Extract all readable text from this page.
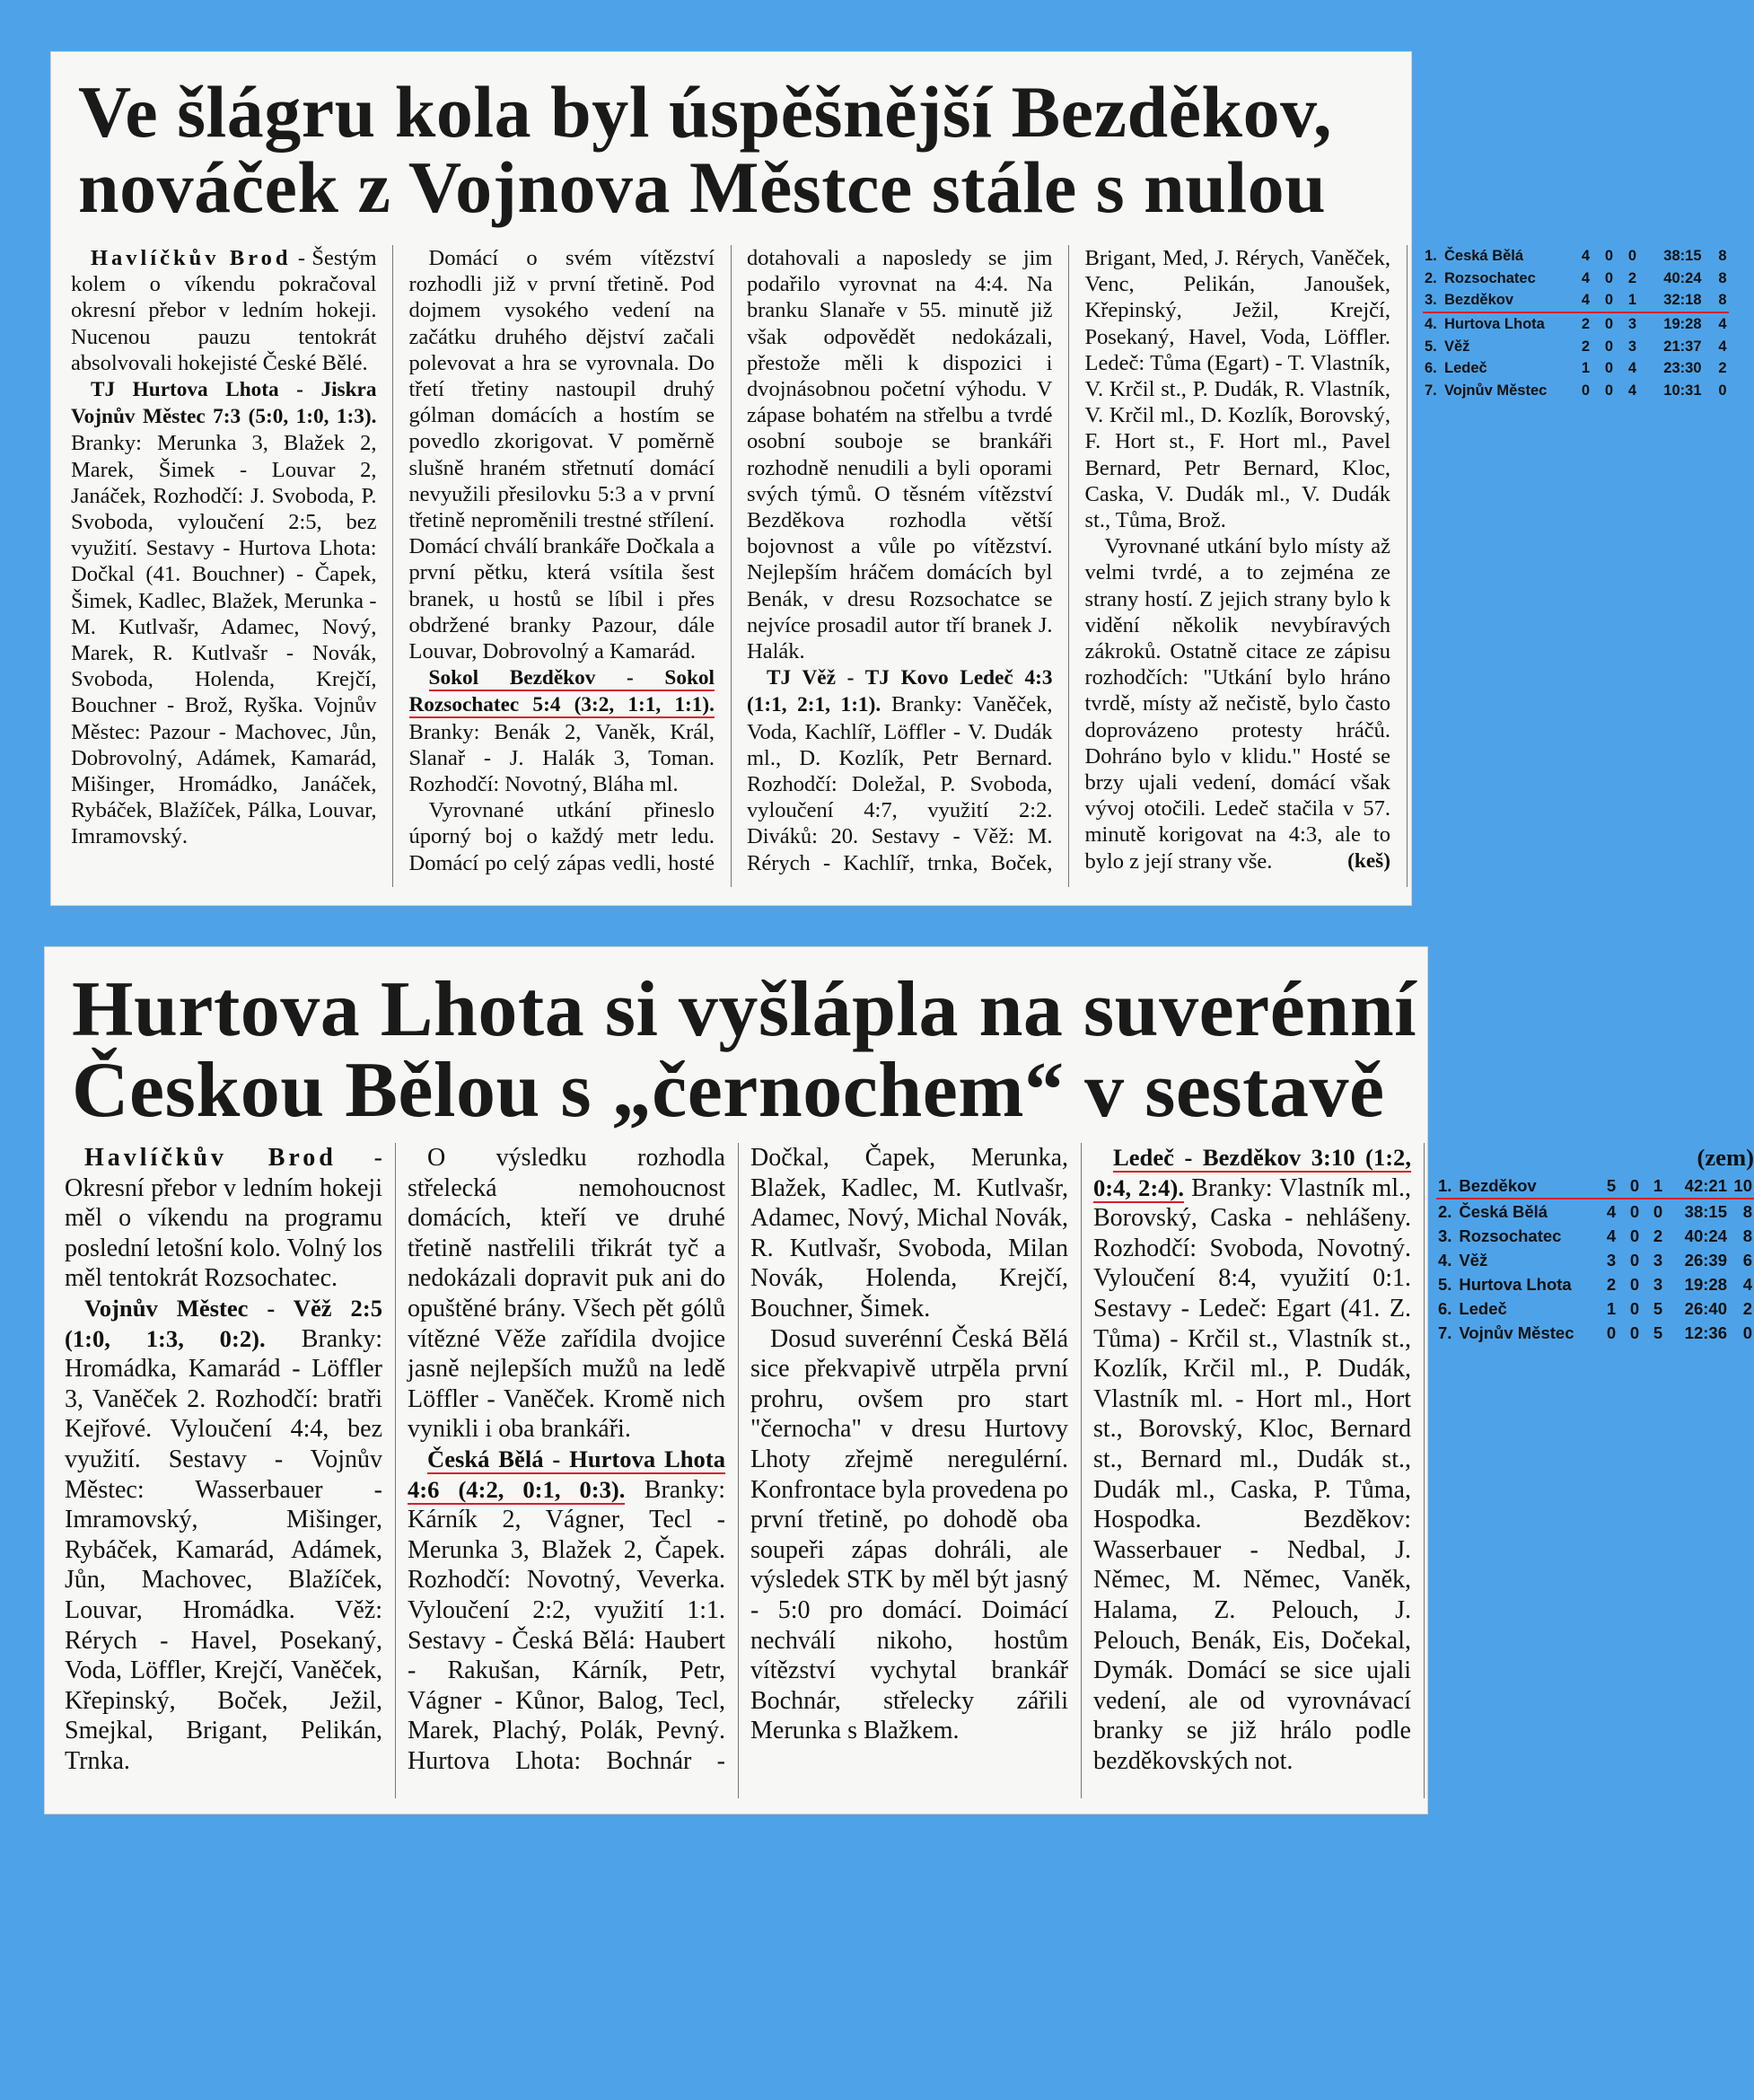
Ve šlágru kola byl úspěšnější Bezděkov,
nováček z Vojnova Městce stále s nulou

Havlíčkův Brod - Šestým kolem o víkendu pokračoval okresní přebor v ledním hokeji. Nucenou pauzu tentokrát absolvovali hokejisté České Bělé.

TJ Hurtova Lhota - Jiskra Vojnův Městec 7:3 (5:0, 1:0, 1:3). Branky: Merunka 3, Blažek 2, Marek, Šimek - Louvar 2, Janáček, Rozhodčí: J. Svoboda, P. Svoboda, vyloučení 2:5, bez využití. Sestavy - Hurtova Lhota: Dočkal (41. Bouchner) - Čapek, Šimek, Kadlec, Blažek, Merunka - M. Kutlvašr, Adamec, Nový, Marek, R. Kutlvašr - Novák, Svoboda, Holenda, Krejčí, Bouchner - Brož, Ryška. Vojnův Městec: Pazour - Machovec, Jůn, Dobrovolný, Adámek, Kamarád, Mišinger, Hromádko, Janáček, Rybáček, Blažíček, Pálka, Louvar, Imramovský.

Domácí o svém vítězství rozhodli již v první třetině. Pod dojmem vysokého vedení na začátku druhého dějství začali polevovat a hra se vyrovnala. Do třetí třetiny nastoupil druhý gólman domácích a hostím se povedlo zkorigovat. V poměrně slušně hraném střetnutí domácí nevyužili přesilovku 5:3 a v první třetině neproměnili trestné střílení. Domácí chválí brankáře Dočkala a první pětku, která vsítila šest branek, u hostů se líbil i přes obdržené branky Pazour, dále Louvar, Dobrovolný a Kamarád.

Sokol Bezděkov - Sokol Rozsochatec 5:4 (3:2, 1:1, 1:1). Branky: Benák 2, Vaněk, Král, Slanař - J. Halák 3, Toman. Rozhodčí: Novotný, Bláha ml.

Vyrovnané utkání přineslo úporný boj o každý metr ledu. Domácí po celý zápas vedli, hosté dotahovali a naposledy se jim podařilo vyrovnat na 4:4. Na branku Slanaře v 55. minutě již však odpovědět nedokázali, přestože měli k dispozici i dvojnásobnou početní výhodu. V zápase bohatém na střelbu a tvrdé osobní souboje se brankáři rozhodně nenudili a byli oporami svých týmů. O těsném vítězství Bezděkova rozhodla větší bojovnost a vůle po vítězství. Nejlepším hráčem domácích byl Benák, v dresu Rozsochatce se nejvíce prosadil autor tří branek J. Halák.

TJ Věž - TJ Kovo Ledeč 4:3 (1:1, 2:1, 1:1). Branky: Vaněček, Voda, Kachlíř, Löffler - V. Dudák ml., D. Kozlík, Petr Bernard. Rozhodčí: Doležal, P. Svoboda, vyloučení 4:7, využití 2:2. Diváků: 20. Sestavy - Věž: M. Rérych - Kachlíř, trnka, Boček, Brigant, Med, J. Rérych, Vaněček, Venc, Pelikán, Janoušek, Křepinský, Ježil, Krejčí, Posekaný, Havel, Voda, Löffler. Ledeč: Tůma (Egart) - T. Vlastník, V. Krčil st., P. Dudák, R. Vlastník, V. Krčil ml., D. Kozlík, Borovský, F. Hort st., F. Hort ml., Pavel Bernard, Petr Bernard, Kloc, Caska, V. Dudák ml., V. Dudák st., Tůma, Brož.

Vyrovnané utkání bylo místy až velmi tvrdé, a to zejména ze strany hostí. Z jejich strany bylo k vidění několik nevybíravých zákroků. Ostatně citace ze zápisu rozhodčích: "Utkání bylo hráno tvrdě, místy až nečistě, bylo často doprovázeno protesty hráčů. Dohráno bylo v klidu." Hosté se brzy ujali vedení, domácí však vývoj otočili. Ledeč stačila v 57. minutě korigovat na 4:3, ale to bylo z její strany vše.	(keš)

1.	Česká Bělá	4	0	0	38:15	8
2.	Rozsochatec	4	0	2	40:24	8
3.	Bezděkov	4	0	1	32:18	8
4.	Hurtova Lhota	2	0	3	19:28	4
5.	Věž	2	0	3	21:37	4
6.	Ledeč	1	0	4	23:30	2
7.	Vojnův Městec	0	0	4	10:31	0
Hurtova Lhota si vyšlápla na suverénní
Českou Bělou s „černochem“ v sestavě

Havlíčkův Brod - Okresní přebor v ledním hokeji měl o víkendu na programu poslední letošní kolo. Volný los měl tentokrát Rozsochatec.

Vojnův Městec - Věž 2:5 (1:0, 1:3, 0:2). Branky: Hromádka, Kamarád - Löffler 3, Vaněček 2. Rozhodčí: bratři Kejřové. Vyloučení 4:4, bez využití. Sestavy - Vojnův Městec: Wasserbauer - Imramovský, Mišinger, Rybáček, Kamarád, Adámek, Jůn, Machovec, Blažíček, Louvar, Hromádka. Věž: Rérych - Havel, Posekaný, Voda, Löffler, Krejčí, Vaněček, Křepinský, Boček, Ježil, Smejkal, Brigant, Pelikán, Trnka.

O výsledku rozhodla střelecká nemohoucnost domácích, kteří ve druhé třetině nastřelili třikrát tyč a nedokázali dopravit puk ani do opuštěné brány. Všech pět gólů vítězné Věže zařídila dvojice jasně nejlepších mužů na ledě Löffler - Vaněček. Kromě nich vynikli i oba brankáři.

Česká Bělá - Hurtova Lhota 4:6 (4:2, 0:1, 0:3). Branky: Kárník 2, Vágner, Tecl - Merunka 3, Blažek 2, Čapek. Rozhodčí: Novotný, Veverka. Vyloučení 2:2, využití 1:1. Sestavy - Česká Bělá: Haubert - Rakušan, Kárník, Petr, Vágner - Kůnor, Balog, Tecl, Marek, Plachý, Polák, Pevný. Hurtova Lhota: Bochnár - Dočkal, Čapek, Merunka, Blažek, Kadlec, M. Kutlvašr, Adamec, Nový, Michal Novák, R. Kutlvašr, Svoboda, Milan Novák, Holenda, Krejčí, Bouchner, Šimek.

Dosud suverénní Česká Bělá sice překvapivě utrpěla první prohru, ovšem pro start "černocha" v dresu Hurtovy Lhoty zřejmě neregulérní. Konfrontace byla provedena po první třetině, po dohodě oba soupeři zápas dohráli, ale výsledek STK by měl být jasný - 5:0 pro domácí. Doimácí nechválí nikoho, hostům vítězství vychytal brankář Bochnár, střelecky zářili Merunka s Blažkem.

Ledeč - Bezděkov 3:10 (1:2, 0:4, 2:4). Branky: Vlastník ml., Borovský, Caska - nehlášeny. Rozhodčí: Svoboda, Novotný. Vyloučení 8:4, využití 0:1. Sestavy - Ledeč: Egart (41. Z. Tůma) - Krčil st., Vlastník st., Kozlík, Krčil ml., P. Dudák, Vlastník ml. - Hort ml., Hort st., Borovský, Kloc, Bernard st., Bernard ml., Dudák st., Dudák ml., Caska, P. Tůma, Hospodka. Bezděkov: Wasserbauer - Nedbal, J. Němec, M. Němec, Vaněk, Halama, Z. Pelouch, J. Pelouch, Benák, Eis, Dočekal, Dymák. Domácí se sice ujali vedení, ale od vyrovnávací branky se již hrálo podle bezděkovských not.

(zem)

1.	Bezděkov	5	0	1	42:21	10
2.	Česká Bělá	4	0	0	38:15	8
3.	Rozsochatec	4	0	2	40:24	8
4.	Věž	3	0	3	26:39	6
5.	Hurtova Lhota	2	0	3	19:28	4
6.	Ledeč	1	0	5	26:40	2
7.	Vojnův Městec	0	0	5	12:36	0
